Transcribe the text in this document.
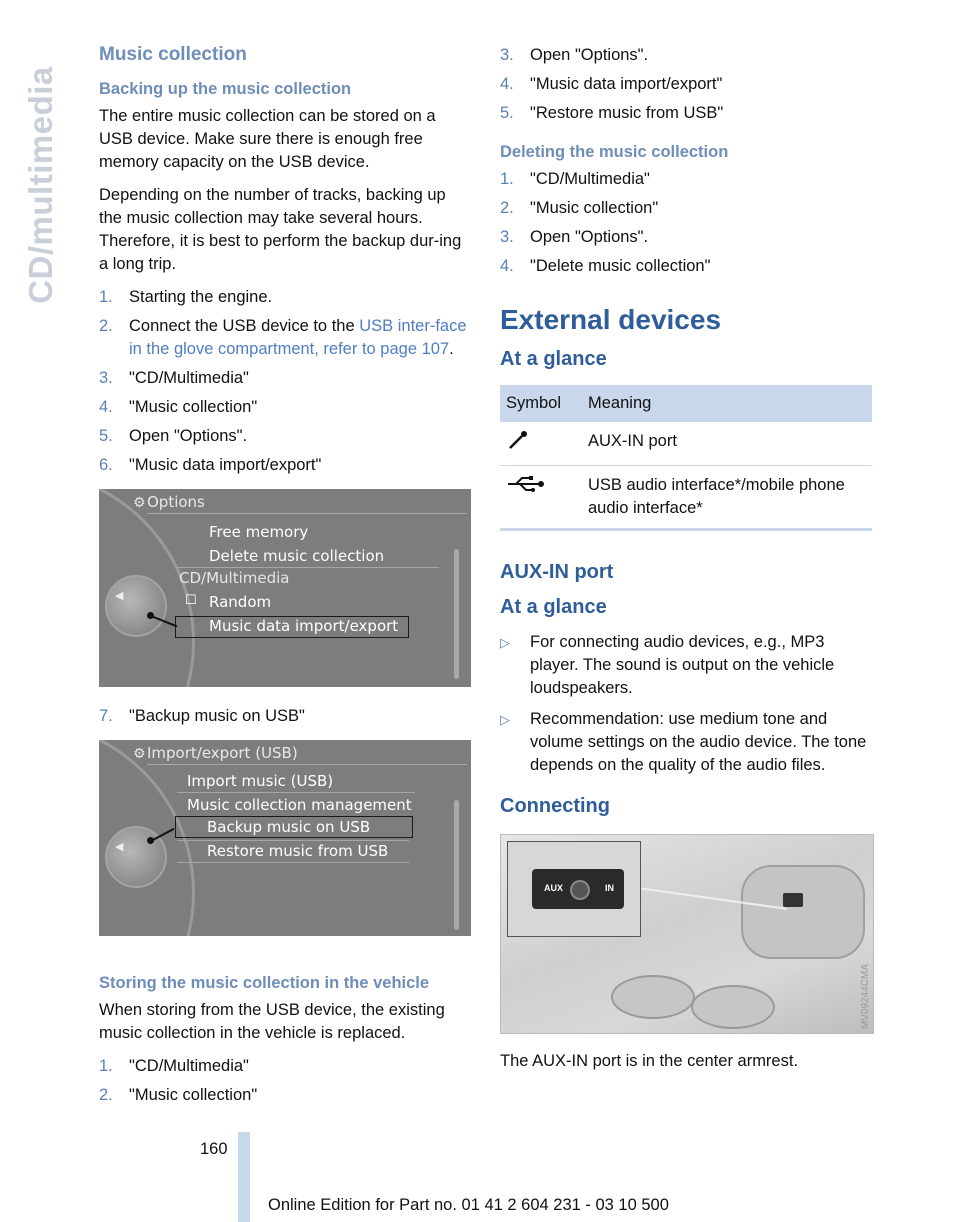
CD/multimedia
Music collection
Backing up the music collection

The entire music collection can be stored on a USB device. Make sure there is enough free memory capacity on the USB device.

Depending on the number of tracks, backing up the music collection may take several hours. Therefore, it is best to perform the backup dur-ing a long trip.

1. Starting the engine.
2. Connect the USB device to the USB inter-face in the glove compartment, refer to page 107.
3. "CD/Multimedia"
4. "Music collection"
5. Open "Options".
6. "Music data import/export"
◀
⚙ Options
Free memory
Delete music collection
CD/Multimedia
☐ Random
Music data import/export
7. "Backup music on USB"
◀
⚙ Import/export (USB)
Import music (USB)
Music collection management
Backup music on USB
Restore music from USB
Storing the music collection in the vehicle

When storing from the USB device, the existing music collection in the vehicle is replaced.

1. "CD/Multimedia"
2. "Music collection"
3. Open "Options".
4. "Music data import/export"
5. "Restore music from USB"
Deleting the music collection
1. "CD/Multimedia"
2. "Music collection"
3. Open "Options".
4. "Delete music collection"
External devices
At a glance
Symbol	Meaning
	AUX-IN port
	USB audio interface*/mobile phone audio interface*
AUX-IN port
At a glance
▷ For connecting audio devices, e.g., MP3 player. The sound is output on the vehicle loudspeakers.
▷ Recommendation: use medium tone and volume settings on the audio device. The tone depends on the quality of the audio files.
Connecting
AUX	IN
MV09244CMA

The AUX-IN port is in the center armrest.

160
Online Edition for Part no. 01 41 2 604 231 - 03 10 500
